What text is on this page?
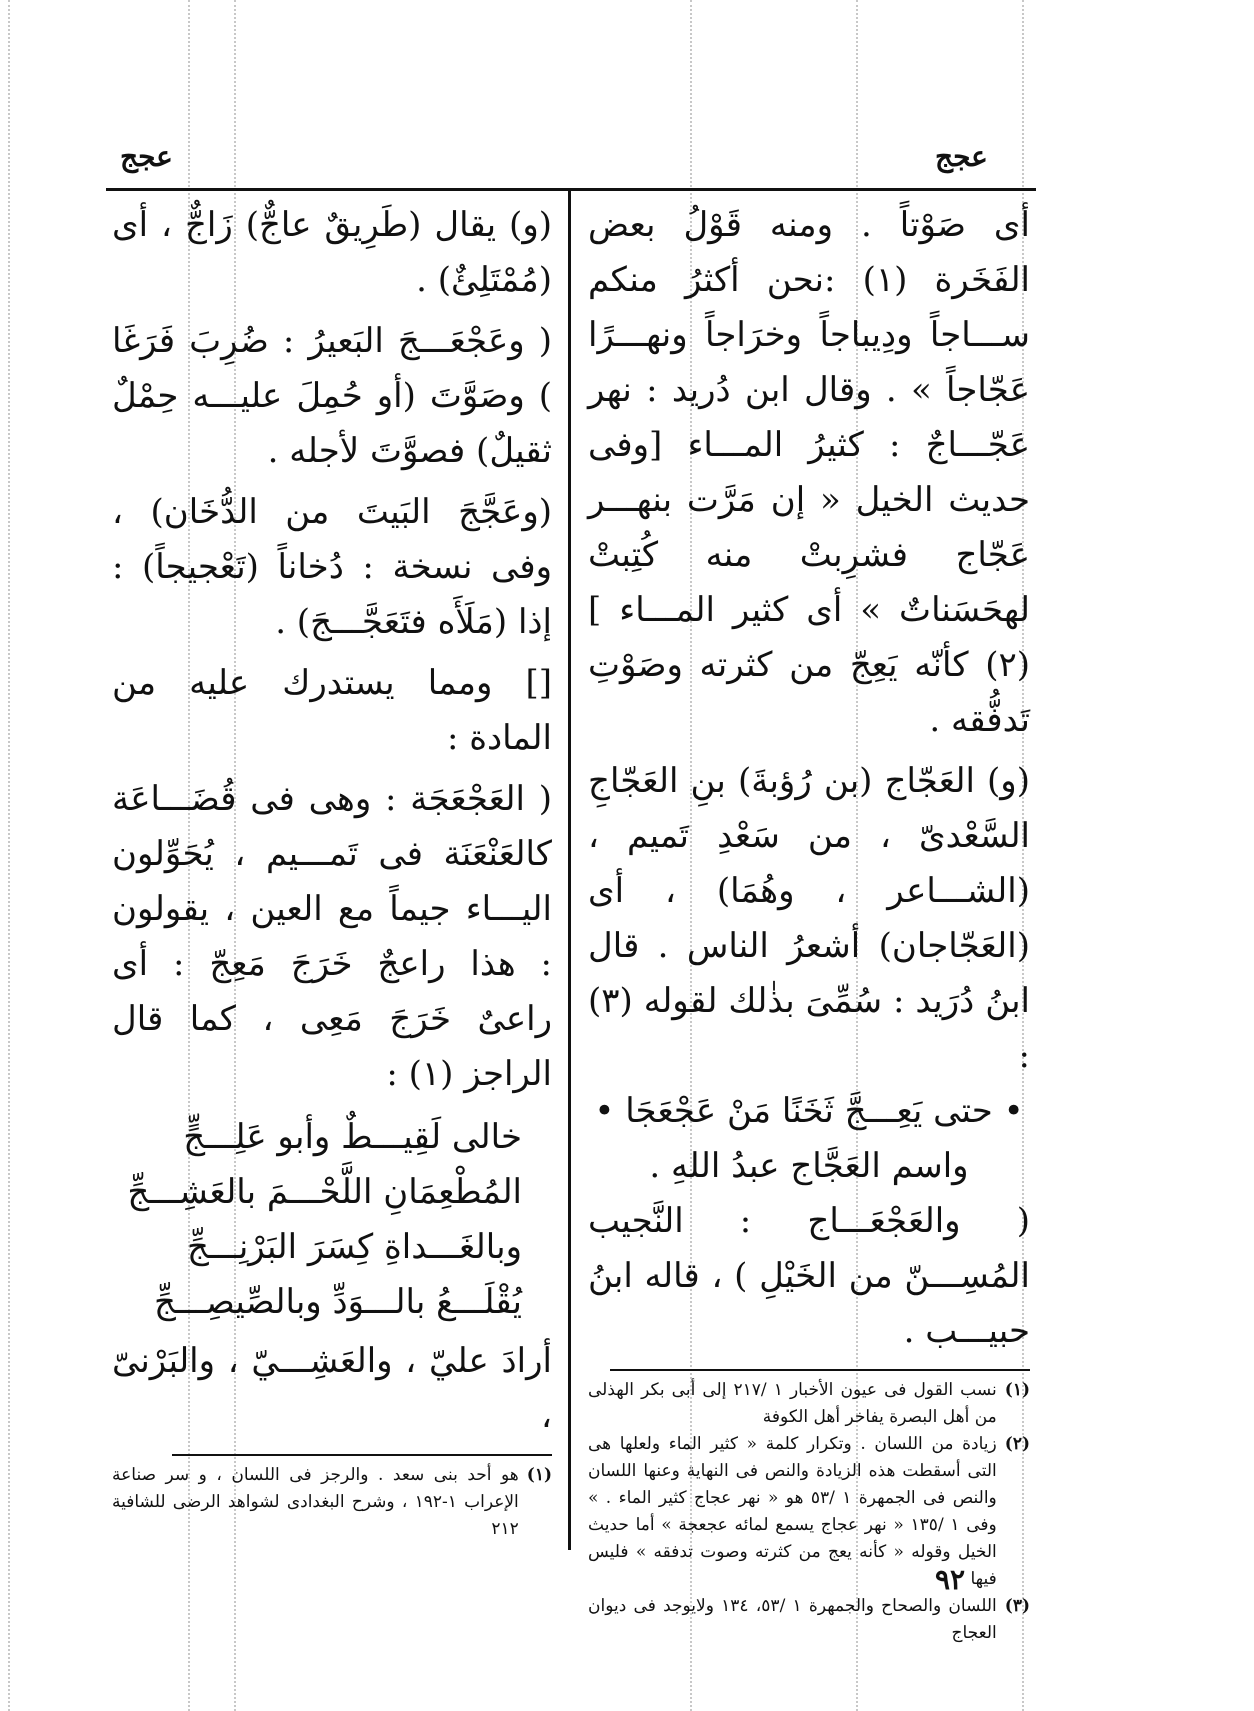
عجج	عجج

أى صَوْتاً . ومنه قَوْلُ بعض الفَخَرة (١) :نحن أكثرُ منكم ســـاجاً ودِيباجاً وخرَاجاً ونهـــرًا عَجّاجاً » . وقال ابن دُريد : نهر عَجّـــاجٌ : كثيرُ المـــاء [وفى حديث الخيل « إن مَرَّت بنهـــر عَجّاج فشرِبتْ منه كُتِبتْ لهحَسَناتٌ » أى كثير المـــاء ] (٢) كأنّه يَعِجّ من كثرته وصَوْتِ تَدفُّقه .

(و) العَجّاج (بن رُؤبةَ) بنِ العَجّاجِ السَّعْدىّ ، من سَعْدِ تَميم ، (الشـــاعر ، وهُمَا) ، أى (العَجّاجان) أشعرُ الناس . قال ابنُ دُرَيد : سُمِّىَ بذٰلك لقوله (٣) :

• حتى يَعِـــجَّ ثَخَنًا مَنْ عَجْعَجَا •

واسم العَجَّاج عبدُ اللهِ .

( والعَجْعَـــاج : النَّجيب المُسِـــنّ من الخَيْلِ ) ، قاله ابنُ حبيـــب .

(١)
نسب القول فى عيون الأخبار ١ /٢١٧ إلى أبى بكر الهذلى من أهل البصرة يفاخر أهل الكوفة

(٢)
زيادة من اللسان . وتكرار كلمة « كثير الماء ولعلها هى التى أسقطت هذه الزيادة والنص فى النهاية وعنها اللسان والنص فى الجمهرة ١ /٥٣ هو « نهر عجاج كثير الماء . » وفى ١ /١٣٥ « نهر عجاج يسمع لمائه عجعجة » أما حديث الخيل وقوله « كأنه يعج من كثرته وصوت تدفقه » فليس فيها

(٣)
اللسان والصحاح والجمهرة ١ /٥٣، ١٣٤ ولايوجد فى ديوان العجاج

(و) يقال (طَرِيقٌ عاجٌّ) زَاجٌّ ، أى (مُمْتَلِئٌ) .

( وعَجْعَـــجَ البَعيرُ : ضُرِبَ فَرَغَا ) وصَوَّتَ (أو حُمِلَ عليـــه حِمْلٌ ثقيلٌ) فصوَّتَ لأجله .

(وعَجَّجَ البَيتَ من الدُّخَان) ، وفى نسخة : دُخاناً (تَعْجيجاً) : إذا (مَلَأَه فتَعَجَّـــجَ) .

[] ومما يستدرك عليه من المادة :

( العَجْعَجَة : وهى فى قُضَـــاعَة كالعَنْعَنَة فى تَمـــيم ، يُحَوِّلون اليـــاء جيماً مع العين ، يقولون : هذا راعجٌ خَرَجَ مَعِجّ : أى راعىٌ خَرَجَ مَعِى ، كما قال الراجز (١) :

خالى لَقِيـــطٌ وأبو عَلِـــجٍّ

المُطْعِمَانِ اللَّحْـــمَ بالعَشِـــجِّ

وبالغَـــداةِ كِسَرَ البَرْنِـــجِّ

يُقْلَـــعُ بالـــوَدِّ وبالصِّيصِـــجِّ

أرادَ عليّ ، والعَشِـــيّ ، والبَرْنىّ ،

(١)
هو أحد بنى سعد . والرجز فى اللسان ، و سر صناعة الإعراب ١-١٩٢ ، وشرح البغدادى لشواهد الرضى للشافية ٢١٢

٩٢
